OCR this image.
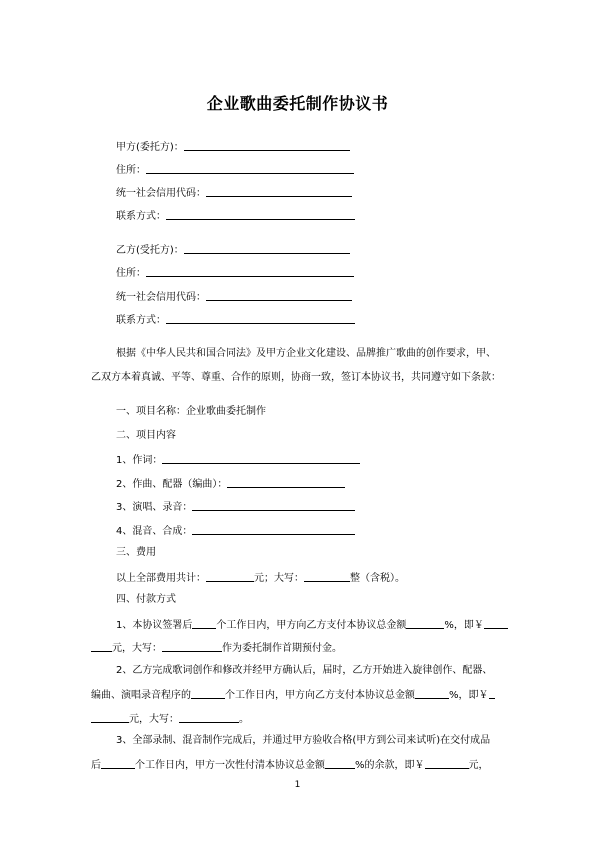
企业歌曲委托制作协议书
甲方(委托方)：
住所：
统一社会信用代码：
联系方式：
乙方(受托方)：
住所：
统一社会信用代码：
联系方式：
根据《中华人民共和国合同法》及甲方企业文化建设、品牌推广歌曲的创作要求，甲、
乙双方本着真诚、平等、尊重、合作的原则，协商一致，签订本协议书，共同遵守如下条款：
一、项目名称：企业歌曲委托制作
二、项目内容
1、作词：
2、作曲、配器（编曲）：
3、演唱、录音：
4、混音、合成：
三、费用
以上全部费用共计：	元；大写：	整（含税）。
四、付款方式
1、本协议签署后 个工作日内，甲方向乙方支付本协议总金额	%，即￥
元，大写：	作为委托制作首期预付金。
2、乙方完成歌词创作和修改并经甲方确认后，届时，乙方开始进入旋律创作、配器、
编曲、演唱录音程序的	个工作日内，甲方向乙方支付本协议总金额	%，即￥
元，大写：	。
3、全部录制、混音制作完成后，并通过甲方验收合格(甲方到公司来试听)在交付成品
后	个工作日内，甲方一次性付清本协议总金额	%的余款，即￥	元，
1
